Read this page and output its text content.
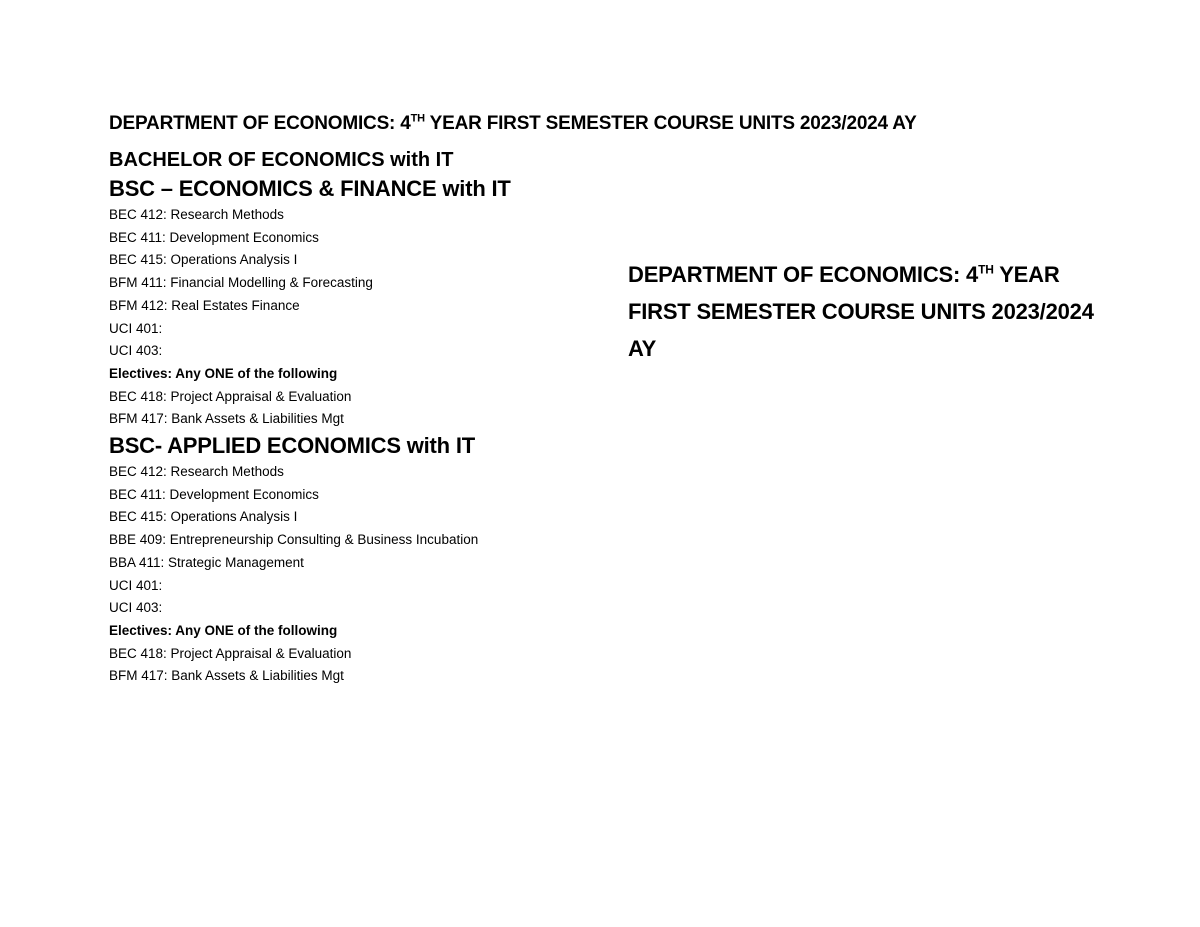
DEPARTMENT OF ECONOMICS: 4TH YEAR FIRST SEMESTER COURSE UNITS 2023/2024 AY
BACHELOR OF ECONOMICS with IT
BSC – ECONOMICS & FINANCE with IT
BEC 412: Research Methods
BEC 411: Development Economics
BEC 415: Operations Analysis I
BFM 411: Financial Modelling & Forecasting
BFM 412: Real Estates Finance
UCI 401:
UCI 403:
Electives: Any ONE of the following
BEC 418: Project Appraisal & Evaluation
BFM 417: Bank Assets & Liabilities Mgt
BSC- APPLIED ECONOMICS with IT
BEC 412: Research Methods
BEC 411: Development Economics
BEC 415: Operations Analysis I
BBE 409: Entrepreneurship Consulting & Business Incubation
BBA 411: Strategic Management
UCI 401:
UCI 403:
Electives: Any ONE of the following
BEC 418: Project Appraisal & Evaluation
BFM 417: Bank Assets & Liabilities Mgt
DEPARTMENT OF ECONOMICS: 4TH YEAR
FIRST SEMESTER COURSE UNITS 2023/2024
AY
